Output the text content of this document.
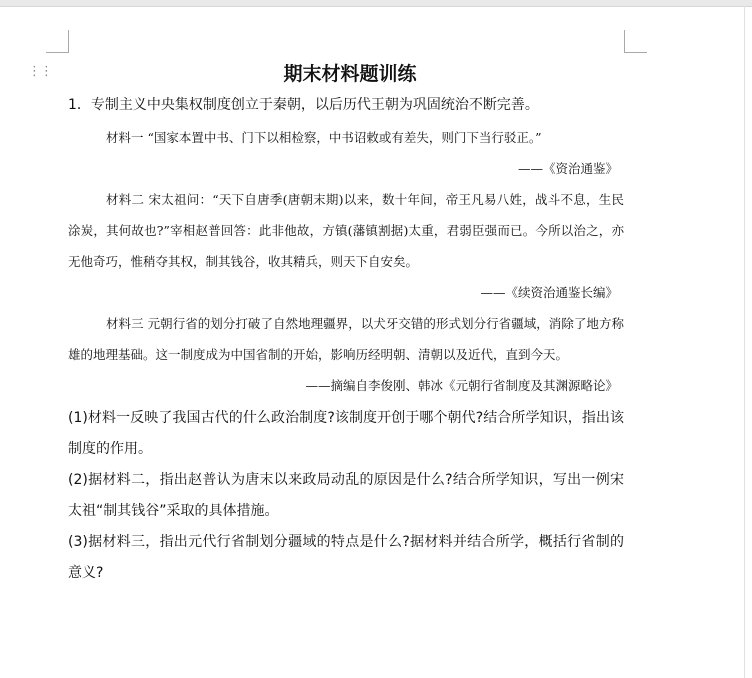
⋮⋮	期末材料题训练
1．专制主义中央集权制度创立于秦朝，以后历代王朝为巩固统治不断完善。
材料一 “国家本置中书、门下以相检察，中书诏敕或有差失，则门下当行驳正。”
——《资治通鉴》
材料二 宋太祖问：“天下自唐季(唐朝末期)以来，数十年间，帝王凡易八姓，战斗不息，生民涂炭，其何故也?”宰相赵普回答：此非他故，方镇(藩镇割据)太重，君弱臣强而已。今所以治之，亦无他奇巧，惟稍夺其权，制其钱谷，收其精兵，则天下自安矣。
——《续资治通鉴长编》
材料三 元朝行省的划分打破了自然地理疆界，以犬牙交错的形式划分行省疆域，消除了地方称雄的地理基础。这一制度成为中国省制的开始，影响历经明朝、清朝以及近代，直到今天。
——摘编自李俊刚、韩冰《元朝行省制度及其渊源略论》
(1)材料一反映了我国古代的什么政治制度?该制度开创于哪个朝代?结合所学知识，指出该制度的作用。
(2)据材料二，指出赵普认为唐末以来政局动乱的原因是什么?结合所学知识，写出一例宋太祖“制其钱谷”采取的具体措施。
(3)据材料三，指出元代行省制划分疆域的特点是什么?据材料并结合所学，概括行省制的意义?
